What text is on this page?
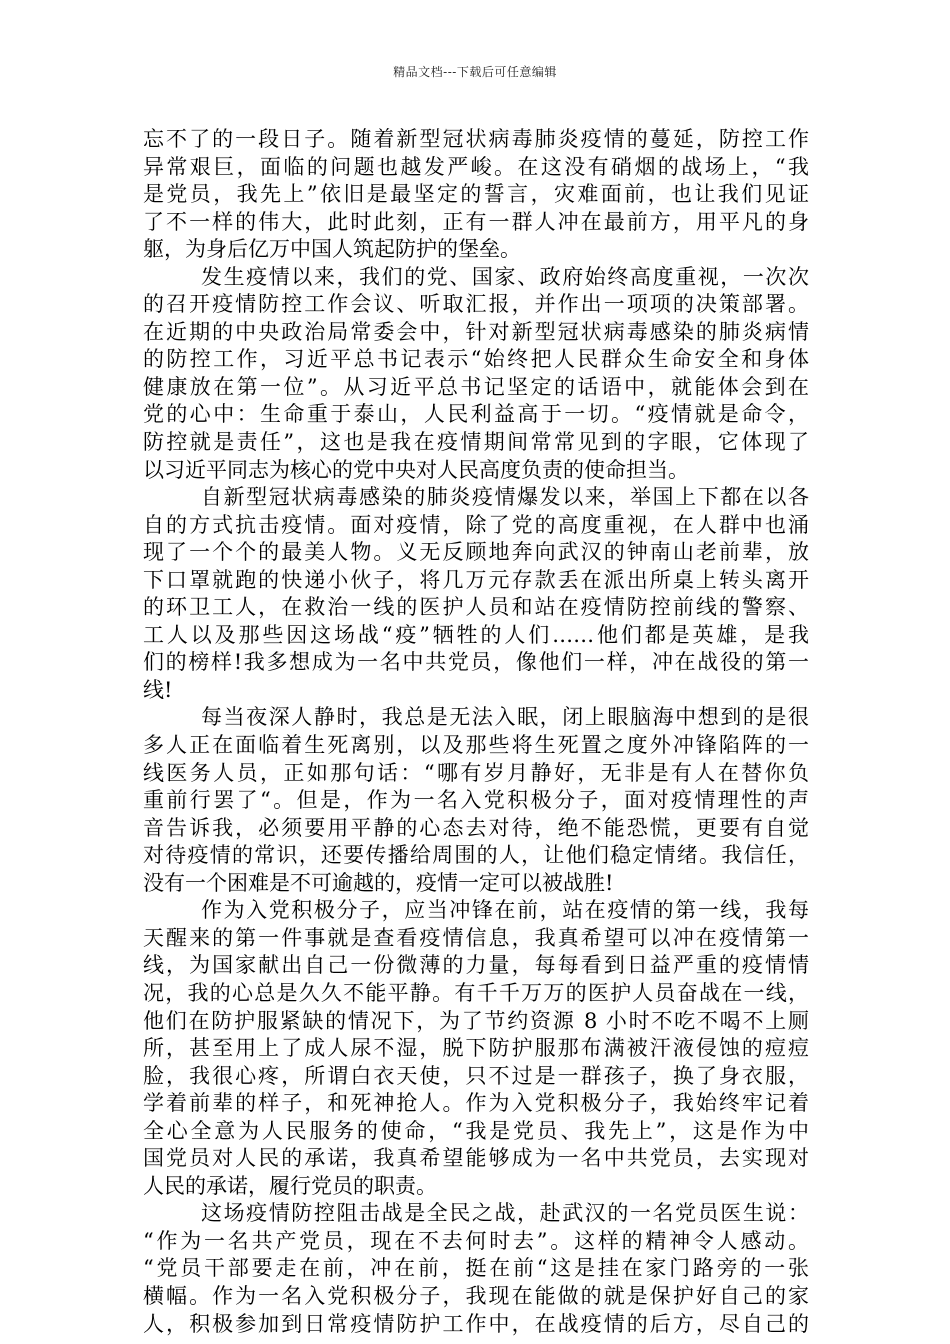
精品文档---下载后可任意编辑
忘不了的一段日子。随着新型冠状病毒肺炎疫情的蔓延，防控工作
异常艰巨，面临的问题也越发严峻。在这没有硝烟的战场上，“我
是党员，我先上”依旧是最坚定的誓言，灾难面前，也让我们见证
了不一样的伟大，此时此刻，正有一群人冲在最前方，用平凡的身
躯，为身后亿万中国人筑起防护的堡垒。
发生疫情以来，我们的党、国家、政府始终高度重视，一次次
的召开疫情防控工作会议、听取汇报，并作出一项项的决策部署。
在近期的中央政治局常委会中，针对新型冠状病毒感染的肺炎病情
的防控工作，习近平总书记表示“始终把人民群众生命安全和身体
健康放在第一位”。从习近平总书记坚定的话语中，就能体会到在
党的心中：生命重于泰山，人民利益高于一切。“疫情就是命令，
防控就是责任”，这也是我在疫情期间常常见到的字眼，它体现了
以习近平同志为核心的党中央对人民高度负责的使命担当。
自新型冠状病毒感染的肺炎疫情爆发以来，举国上下都在以各
自的方式抗击疫情。面对疫情，除了党的高度重视，在人群中也涌
现了一个个的最美人物。义无反顾地奔向武汉的钟南山老前辈，放
下口罩就跑的快递小伙子，将几万元存款丢在派出所桌上转头离开
的环卫工人，在救治一线的医护人员和站在疫情防控前线的警察、
工人以及那些因这场战“疫”牺牲的人们……他们都是英雄，是我
们的榜样!我多想成为一名中共党员，像他们一样，冲在战役的第一
线!
每当夜深人静时，我总是无法入眠，闭上眼脑海中想到的是很
多人正在面临着生死离别，以及那些将生死置之度外冲锋陷阵的一
线医务人员，正如那句话：“哪有岁月静好，无非是有人在替你负
重前行罢了“。但是，作为一名入党积极分子，面对疫情理性的声
音告诉我，必须要用平静的心态去对待，绝不能恐慌，更要有自觉
对待疫情的常识，还要传播给周围的人，让他们稳定情绪。我信任，
没有一个困难是不可逾越的，疫情一定可以被战胜!
作为入党积极分子，应当冲锋在前，站在疫情的第一线，我每
天醒来的第一件事就是查看疫情信息，我真希望可以冲在疫情第一
线，为国家献出自己一份微薄的力量，每每看到日益严重的疫情情
况，我的心总是久久不能平静。有千千万万的医护人员奋战在一线，
他们在防护服紧缺的情况下，为了节约资源 8 小时不吃不喝不上厕
所，甚至用上了成人尿不湿，脱下防护服那布满被汗液侵蚀的痘痘
脸，我很心疼，所谓白衣天使，只不过是一群孩子，换了身衣服，
学着前辈的样子，和死神抢人。作为入党积极分子，我始终牢记着
全心全意为人民服务的使命，“我是党员、我先上”，这是作为中
国党员对人民的承诺，我真希望能够成为一名中共党员，去实现对
人民的承诺，履行党员的职责。
这场疫情防控阻击战是全民之战，赴武汉的一名党员医生说：
“作为一名共产党员，现在不去何时去”。这样的精神令人感动。
“党员干部要走在前，冲在前，挺在前“这是挂在家门路旁的一张
横幅。作为一名入党积极分子，我现在能做的就是保护好自己的家
人，积极参加到日常疫情防护工作中，在战疫情的后方，尽自己的
